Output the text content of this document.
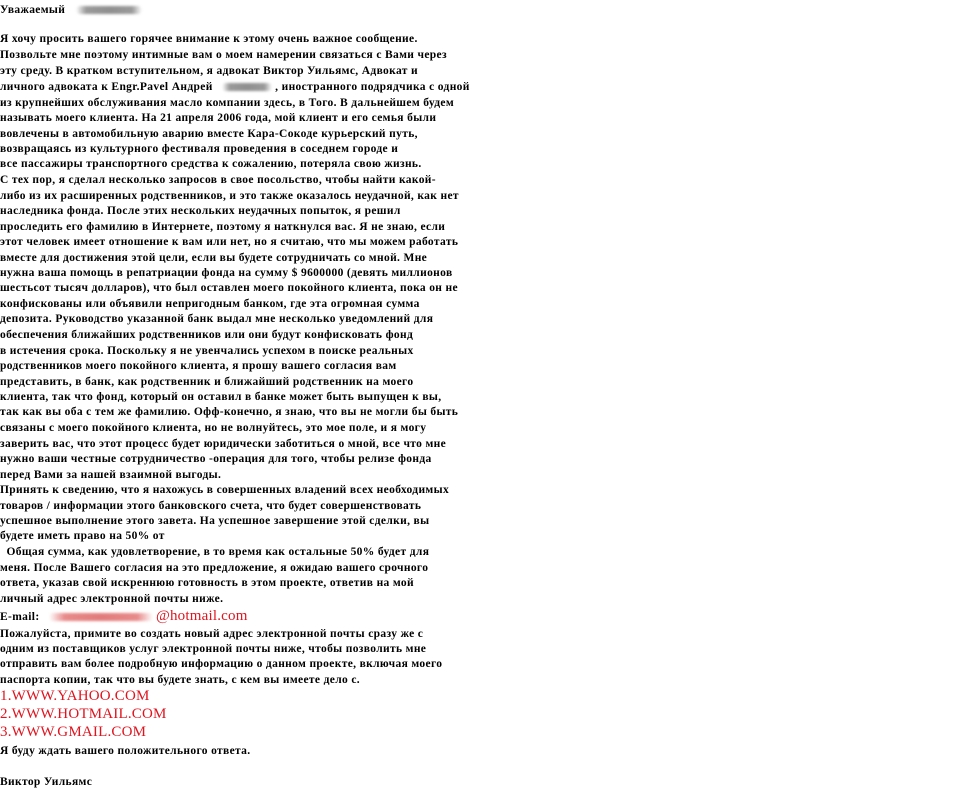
Уважаемый
Я хочу просить вашего горячее внимание к этому очень важное сообщение.
Позвольте мне поэтому интимные вам о моем намерении связаться с Вами через
эту среду. В кратком вступительном, я адвокат Виктор Уильямс, Адвокат и
личного адвоката к Engr.Pavel Андрей	, иностранного подрядчика с одной
из крупнейших обслуживания масло компании здесь, в Того. В дальнейшем будем
называть моего клиента. На 21 апреля 2006 года, мой клиент и его семья были
вовлечены в автомобильную аварию вместе Кара-Сокоде курьерский путь,
возвращаясь из культурного фестиваля проведения в соседнем городе и
все пассажиры транспортного средства к сожалению, потеряла свою жизнь.
С тех пор, я сделал несколько запросов в свое посольство, чтобы найти какой-
либо из их расширенных родственников, и это также оказалось неудачной, как нет
наследника фонда. После этих нескольких неудачных попыток, я решил
проследить его фамилию в Интернете, поэтому я наткнулся вас. Я не знаю, если
этот человек имеет отношение к вам или нет, но я считаю, что мы можем работать
вместе для достижения этой цели, если вы будете сотрудничать со мной. Мне
нужна ваша помощь в репатриации фонда на сумму $ 9600000 (девять миллионов
шестьсот тысяч долларов), что был оставлен моего покойного клиента, пока он не
конфискованы или объявили непригодным банком, где эта огромная сумма
депозита. Руководство указанной банк выдал мне несколько уведомлений для
обеспечения ближайших родственников или они будут конфисковать фонд
в истечения срока. Поскольку я не увенчались успехом в поиске реальных
родственников моего покойного клиента, я прошу вашего согласия вам
представить, в банк, как родственник и ближайший родственник на моего
клиента, так что фонд, который он оставил в банке может быть выпущен к вы,
так как вы оба с тем же фамилию. Офф-конечно, я знаю, что вы не могли бы быть
связаны с моего покойного клиента, но не волнуйтесь, это мое поле, и я могу
заверить вас, что этот процесс будет юридически заботиться о мной, все что мне
нужно ваши честные сотрудничество -операция для того, чтобы релизе фонда
перед Вами за нашей взаимной выгоды.
Принять к сведению, что я нахожусь в совершенных владений всех необходимых
товаров / информации этого банковского счета, что будет совершенствовать
успешное выполнение этого завета. На успешное завершение этой сделки, вы
будете иметь право на 50% от
Общая сумма, как удовлетворение, в то время как остальные 50% будет для
меня. После Вашего согласия на это предложение, я ожидаю вашего срочного
ответа, указав свой искреннюю готовность в этом проекте, ответив на мой
личный адрес электронной почты ниже.
E-mail:	@hotmail.com
Пожалуйста, примите во создать новый адрес электронной почты сразу же с
одним из поставщиков услуг электронной почты ниже, чтобы позволить мне
отправить вам более подробную информацию о данном проекте, включая моего
паспорта копии, так что вы будете знать, с кем вы имеете дело с.
1.WWW.YAHOO.COM
2.WWW.HOTMAIL.COM
3.WWW.GMAIL.COM
Я буду ждать вашего положительного ответа.
Виктор Уильямс
